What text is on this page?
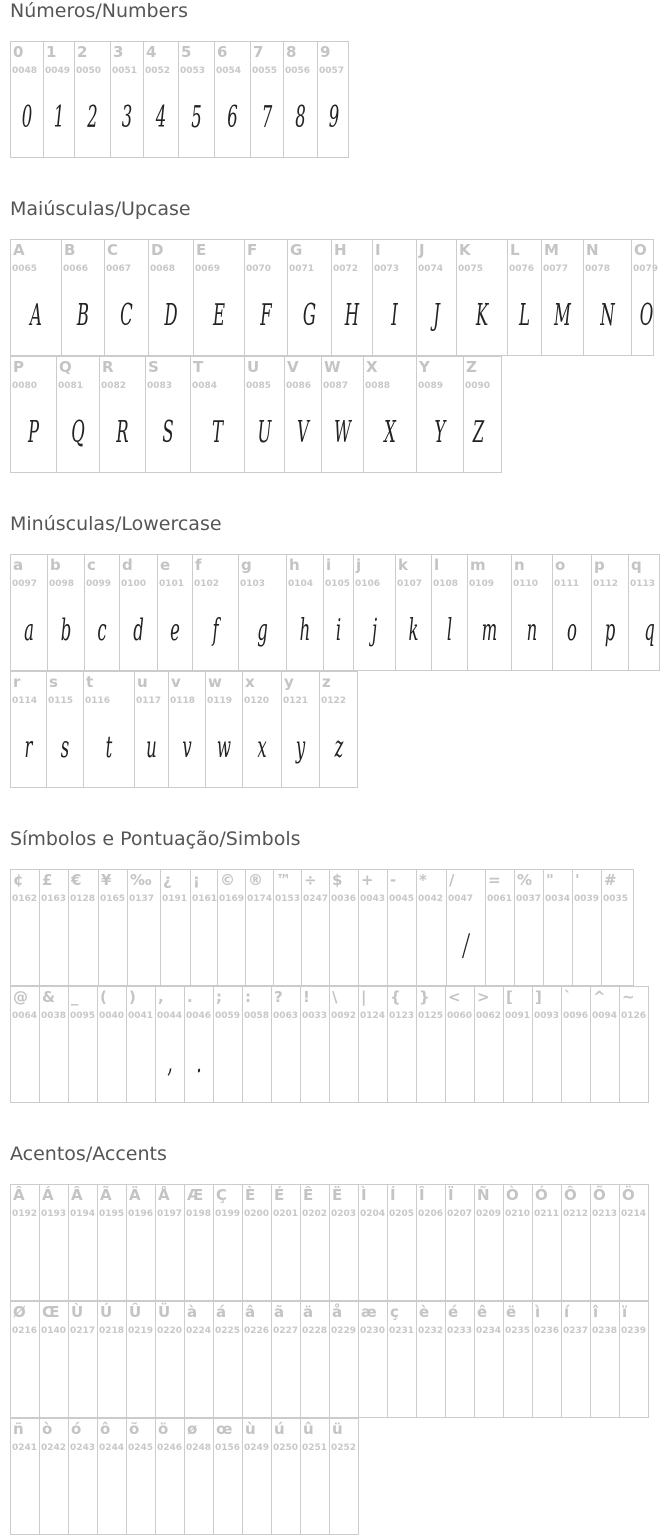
Números/Numbers
Maiúsculas/Upcase
Minúsculas/Lowercase
Símbolos e Pontuação/Simbols
Acentos/Accents
0
0048
0
1
0049
1
2
0050
2
3
0051
3
4
0052
4
5
0053
5
6
0054
6
7
0055
7
8
0056
8
9
0057
9
A
0065
A
B
0066
B
C
0067
C
D
0068
D
E
0069
E
F
0070
F
G
0071
G
H
0072
H
I
0073
I
J
0074
J
K
0075
K
L
0076
L
M
0077
M
N
0078
N
O
0079
O
P
0080
P
Q
0081
Q
R
0082
R
S
0083
S
T
0084
T
U
0085
U
V
0086
V
W
0087
W
X
0088
X
Y
0089
Y
Z
0090
Z
a
0097
a
b
0098
b
c
0099
c
d
0100
d
e
0101
e
f
0102
f
g
0103
g
h
0104
h
i
0105
i
j
0106
j
k
0107
k
l
0108
l
m
0109
m
n
0110
n
o
0111
o
p
0112
p
q
0113
q
r
0114
r
s
0115
s
t
0116
t
u
0117
u
v
0118
v
w
0119
w
x
0120
x
y
0121
y
z
0122
z
¢
0162
£
0163
€
0128
¥
0165
‰
0137
¿
0191
¡
0161
©
0169
®
0174
™
0153
÷
0247
$
0036
+
0043
-
0045
*
0042
/
0047
/
=
0061
%
0037
"
0034
'
0039
#
0035
@
0064
&
0038
_
0095
(
0040
)
0041
,
0044
,
.
0046
.
;
0059
:
0058
?
0063
!
0033
\
0092
|
0124
{
0123
}
0125
<
0060
>
0062
[
0091
]
0093
`
0096
^
0094
~
0126
Â
0192
Á
0193
Â
0194
Ã
0195
Ä
0196
Å
0197
Æ
0198
Ç
0199
È
0200
É
0201
Ê
0202
Ë
0203
Ì
0204
Í
0205
Î
0206
Ï
0207
Ñ
0209
Ò
0210
Ó
0211
Ô
0212
Õ
0213
Ö
0214
Ø
0216
Œ
0140
Ù
0217
Ú
0218
Û
0219
Ü
0220
à
0224
á
0225
â
0226
ã
0227
ä
0228
å
0229
æ
0230
ç
0231
è
0232
é
0233
ê
0234
ë
0235
ì
0236
í
0237
î
0238
ï
0239
ñ
0241
ò
0242
ó
0243
ô
0244
õ
0245
ö
0246
ø
0248
œ
0156
ù
0249
ú
0250
û
0251
ü
0252
